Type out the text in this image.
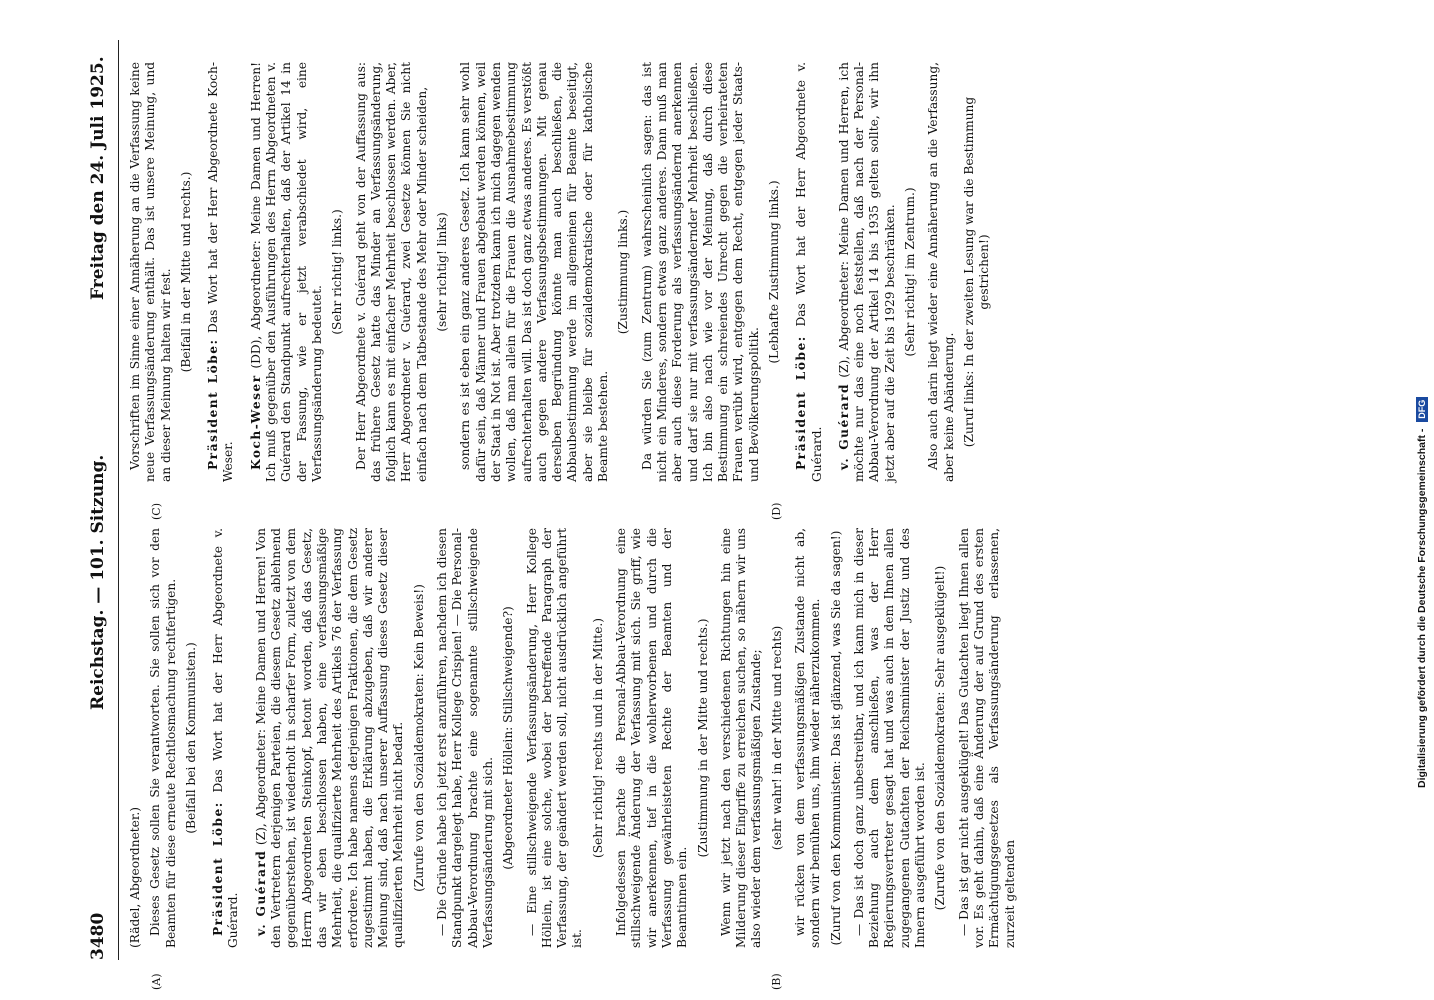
3480
Reichstag. — 101. Sitzung.
Freitag den 24. Juli 1925.
(A)	(B)
(C)	(D)

(Rädel, Abgeordneter.) Dieses Gesetz sollen Sie verantworten. Sie sollen sich vor den Beamten für diese erneute Rechtlosmachung rechtfertigen. (Beifall bei den Kommunisten.)

Präsident Löbe: Das Wort hat der Herr Abgeordnete v. Guérard. v. Guérard (Z), Abgeordneter: Meine Damen und Herren! Von den Vertretern derjenigen Parteien, die diesem Gesetz ablehnend gegenüberstehen, ist wiederholt in scharfer Form, zuletzt von dem Herrn Abgeordneten Steinkopf, betont worden, daß das Gesetz, das wir eben beschlossen haben, eine verfassungsmäßige Mehrheit, die qualifizierte Mehrheit des Artikels 76 der Verfassung erfordere. Ich habe namens derjenigen Fraktionen, die dem Gesetz zugestimmt haben, die Erklärung abzugeben, daß wir anderer Meinung sind, daß nach unserer Auffassung dieses Gesetz dieser qualifizierten Mehrheit nicht bedarf. (Zurufe von den Sozialdemokraten: Kein Beweis!) — Die Gründe habe ich jetzt erst anzuführen, nachdem ich diesen Standpunkt dargelegt habe, Herr Kollege Crispien! — Die Personal-Abbau-Verordnung brachte eine sogenannte stillschweigende Verfassungsänderung mit sich. (Abgeordneter Höllein: Stillschweigende?) — Eine stillschweigende Verfassungsänderung, Herr Kollege Höllein, ist eine solche, wobei der betreffende Paragraph der Verfassung, der geändert werden soll, nicht ausdrücklich angeführt ist.

(Sehr richtig! rechts und in der Mitte.) Infolgedessen brachte die Personal-Abbau-Verordnung eine stillschweigende Änderung der Verfassung mit sich. Sie griff, wie wir anerkennen, tief in die wohlerworbenen und durch die Verfassung gewährleisteten Rechte der Beamten und der Beamtinnen ein.

(Zustimmung in der Mitte und rechts.) Wenn wir jetzt nach den verschiedenen Richtungen hin eine Milderung dieser Eingriffe zu erreichen suchen, so nähern wir uns also wieder dem verfassungsmäßigen Zustande; (sehr wahr! in der Mitte und rechts) wir rücken von dem verfassungsmäßigen Zustande nicht ab, sondern wir bemühen uns, ihm wieder näherzukommen. (Zuruf von den Kommunisten: Das ist glänzend, was Sie da sagen!) — Das ist doch ganz unbestreitbar, und ich kann mich in dieser Beziehung auch dem anschließen, was der Herr Regierungsvertreter gesagt hat und was auch in dem Ihnen allen zugegangenen Gutachten der Reichsminister der Justiz und des Innern ausgeführt worden ist. (Zurufe von den Sozialdemokraten: Sehr ausgeklügelt!) — Das ist gar nicht ausgeklügelt! Das Gutachten liegt Ihnen allen vor. Es geht dahin, daß eine Änderung der auf Grund des ersten Ermächtigungsgesetzes als Verfassungsänderung erlassenen, zurzeit geltenden

Vorschriften im Sinne einer Annäherung an die Verfassung keine neue Verfassungsänderung enthält. Das ist unsere Meinung, und an dieser Meinung halten wir fest. (Beifall in der Mitte und rechts.)

Präsident Löbe: Das Wort hat der Herr Abgeordnete Koch-Weser. Koch-Weser (DD), Abgeordneter: Meine Damen und Herren! Ich muß gegenüber den Ausführungen des Herrn Abgeordneten v. Guérard den Standpunkt aufrechterhalten, daß der Artikel 14 in der Fassung, wie er jetzt verabschiedet wird, eine Verfassungsänderung bedeutet.

(Sehr richtig! links.) Der Herr Abgeordnete v. Guérard geht von der Auffassung aus: das frühere Gesetz hatte das Minder an Verfassungsänderung, folglich kann es mit einfacher Mehrheit beschlossen werden. Aber, Herr Abgeordneter v. Guérard, zwei Gesetze können Sie nicht einfach nach dem Tatbestande des Mehr oder Minder scheiden, (sehr richtig! links) sondern es ist eben ein ganz anderes Gesetz. Ich kann sehr wohl dafür sein, daß Männer und Frauen abgebaut werden können, weil der Staat in Not ist. Aber trotzdem kann ich mich dagegen wenden wollen, daß man allein für die Frauen die Ausnahmebestimmung aufrechterhalten will. Das ist doch ganz etwas anderes. Es verstößt auch gegen andere Verfassungsbestimmungen. Mit genau derselben Begründung könnte man auch beschließen, die Abbaubestimmung werde im allgemeinen für Beamte beseitigt, aber sie bleibe für sozialdemokratische oder für katholische Beamte bestehen.

(Zustimmung links.) Da würden Sie (zum Zentrum) wahrscheinlich sagen: das ist nicht ein Minderes, sondern etwas ganz anderes. Dann muß man aber auch diese Forderung als verfassungsändernd anerkennen und darf sie nur mit verfassungsändernder Mehrheit beschließen. Ich bin also nach wie vor der Meinung, daß durch diese Bestimmung ein schreiendes Unrecht gegen die verheirateten Frauen verübt wird, entgegen dem Recht, entgegen jeder Staats- und Bevölkerungspolitik.

(Lebhafte Zustimmung links.)

Präsident Löbe: Das Wort hat der Herr Abgeordnete v. Guérard. v. Guérard (Z), Abgeordneter: Meine Damen und Herren, ich möchte nur das eine noch feststellen, daß nach der Personal-Abbau-Verordnung der Artikel 14 bis 1935 gelten sollte, wir ihn jetzt aber auf die Zeit bis 1929 beschränken. (Sehr richtig! im Zentrum.) Also auch darin liegt wieder eine Annäherung an die Verfassung, aber keine Abänderung. (Zuruf links: In der zweiten Lesung war die Bestimmung gestrichen!)

Digitalisierung gefördert durch die Deutsche Forschungsgemeinschaft - DFG
